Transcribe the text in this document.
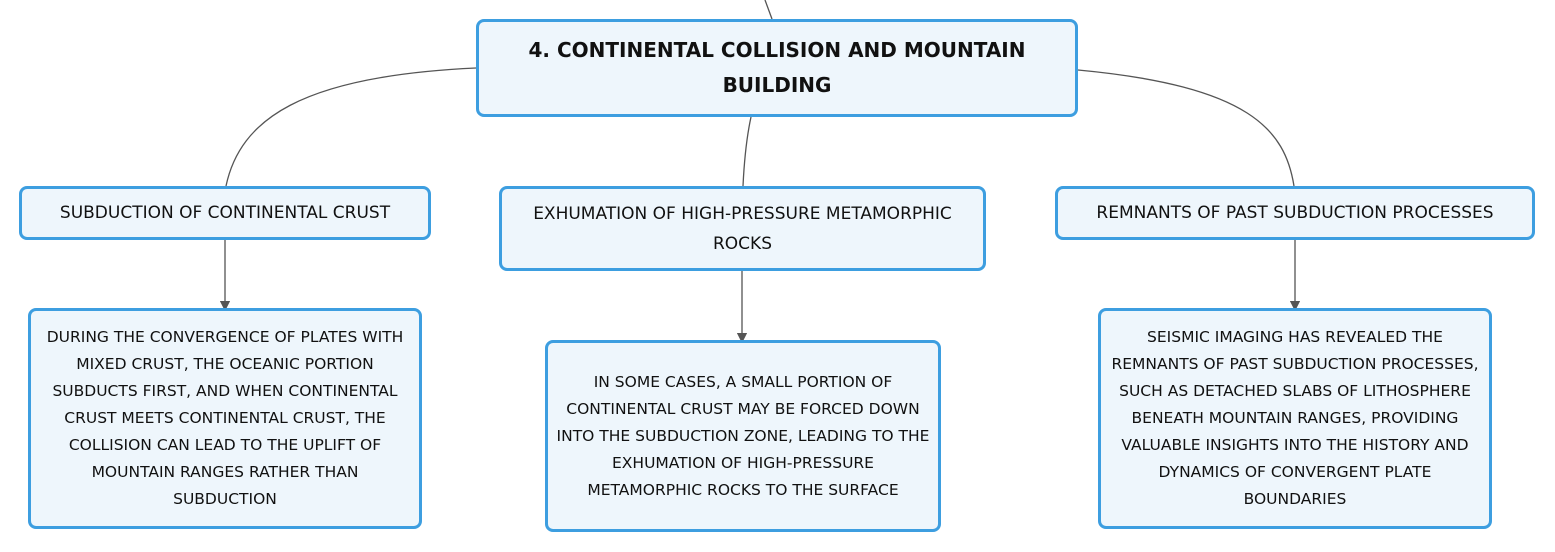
4. CONTINENTAL COLLISION AND MOUNTAIN BUILDING
SUBDUCTION OF CONTINENTAL CRUST	EXHUMATION OF HIGH-PRESSURE METAMORPHIC ROCKS
REMNANTS OF PAST SUBDUCTION PROCESSES
DURING THE CONVERGENCE OF PLATES WITH MIXED CRUST, THE OCEANIC PORTION SUBDUCTS FIRST, AND WHEN CONTINENTAL CRUST MEETS CONTINENTAL CRUST, THE COLLISION CAN LEAD TO THE UPLIFT OF MOUNTAIN RANGES RATHER THAN SUBDUCTION
IN SOME CASES, A SMALL PORTION OF CONTINENTAL CRUST MAY BE FORCED DOWN INTO THE SUBDUCTION ZONE, LEADING TO THE EXHUMATION OF HIGH-PRESSURE METAMORPHIC ROCKS TO THE SURFACE
SEISMIC IMAGING HAS REVEALED THE REMNANTS OF PAST SUBDUCTION PROCESSES, SUCH AS DETACHED SLABS OF LITHOSPHERE BENEATH MOUNTAIN RANGES, PROVIDING VALUABLE INSIGHTS INTO THE HISTORY AND DYNAMICS OF CONVERGENT PLATE BOUNDARIES
